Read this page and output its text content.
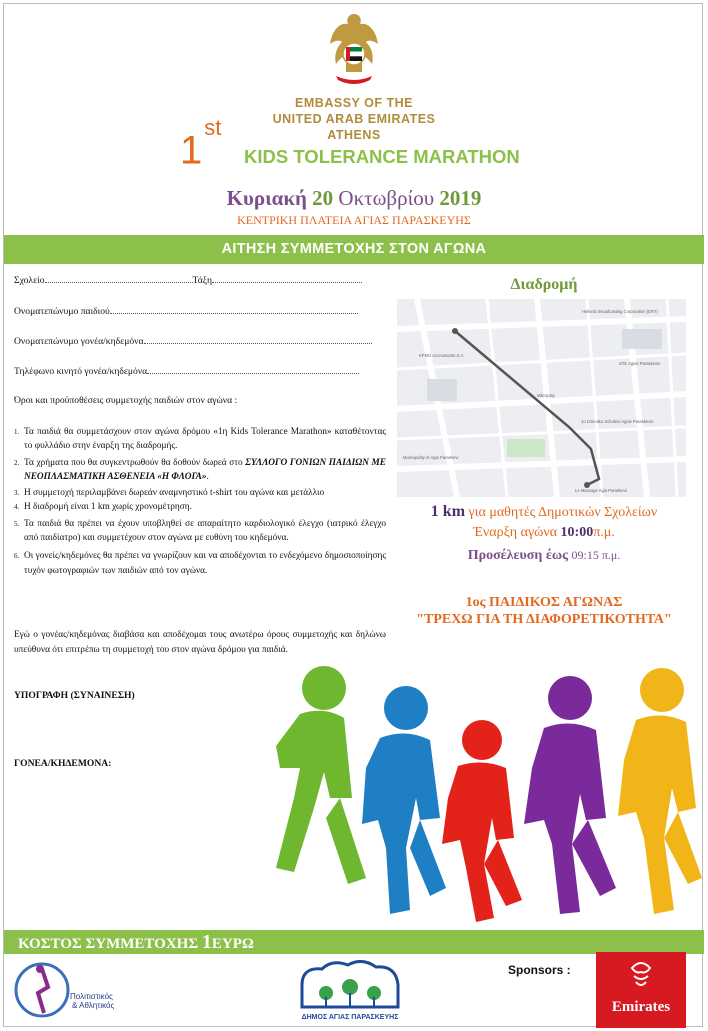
EMBASSY OF THE
UNITED ARAB EMIRATES
ATHENS
1st
KIDS TOLERANCE MARATHON
Κυριακή 20 Οκτωβρίου 2019
ΚΕΝΤΡΙΚΗ ΠΛΑΤΕΙΑ ΑΓΙΑΣ ΠΑΡΑΣΚΕΥΗΣ
ΑΙΤΗΣΗ ΣΥΜΜΕΤΟΧΗΣ ΣΤΟΝ ΑΓΩΝΑ
Σχολείο	Τάξη
Ονοματεπώνυμο παιδιού
Ονοματεπώνυμο γονέα/κηδεμόνα
Τηλέφωνο κινητό γονέα/κηδεμόνα
Όροι και προϋποθέσεις συμμετοχής παιδιών στον αγώνα :
1. Τα παιδιά θα συμμετάσχουν στον αγώνα δρόμου «1η Kids Tolerance Marathon» καταθέτοντας το φυλλάδιο στην έναρξη της διαδρομής.
2. Τα χρήματα που θα συγκεντρωθούν θα δοθούν δωρεά στο ΣΥΛΛΟΓΟ ΓΟΝΙΩΝ ΠΑΙΔΙΩΝ ΜΕ ΝΕΟΠΛΑΣΜΑΤΙΚΗ ΑΣΘΕΝΕΙΑ «Η ΦΛΟΓΑ».
3. Η συμμετοχή περιλαμβάνει δωρεάν αναμνηστικό t-shirt του αγώνα και μετάλλιο
4. Η διαδρομή είναι 1 km χωρίς χρονομέτρηση.
5. Τα παιδιά θα πρέπει να έχουν υποβληθεί σε απαραίτητο καρδιολογικό έλεγχο (ιατρικό έλεγχο από παιδίατρο) και συμμετέχουν στον αγώνα με ευθύνη του κηδεμόνα.
6. Οι γονείς/κηδεμόνες θα πρέπει να γνωρίζουν και να αποδέχονται το ενδεχόμενο δημοσιοποίησης τυχόν φωτογραφιών των παιδιών από τον αγώνα.
Εγώ ο γονέας/κηδεμόνας διαβάσα και αποδέχομαι τους ανωτέρω όρους συμμετοχής και δηλώνω υπεύθυνα ότι επιτρέπω τη συμμετοχή του στον αγώνα δρόμου για παιδιά.
ΥΠΟΓΡΑΦΗ (ΣΥΝΑΙΝΕΣΗ)
ΓΟΝΕΑ/ΚΗΔΕΜΟΝΑ:
Διαδρομή
Hellenic Broadcasting Corporation (ERT)
KPMG Accountants S.A.
STE Agias Paraskevis
Mikroplay
Municipality of Agia Paraskevi
1o Dimotiko Scholeio Agias Paraskevis
Le Massage Agia Paraskevi
1 km για μαθητές Δημοτικών Σχολείων
Έναρξη αγώνα 10:00π.μ.
Προσέλευση έως 09:15 π.μ.
1ος ΠΑΙΔΙΚΟΣ ΑΓΩΝΑΣ
"ΤΡΕΧΩ ΓΙΑ ΤΗ ΔΙΑΦΟΡΕΤΙΚΟΤΗΤΑ"
ΚΟΣΤΟΣ ΣΥΜΜΕΤΟΧΗΣ 1ΕΥΡΩ
Πολιτιστικός
& Αθλητικός
ΔΗΜΟΣ ΑΓΙΑΣ ΠΑΡΑΣΚΕΥΗΣ
Sponsors :
Emirates
